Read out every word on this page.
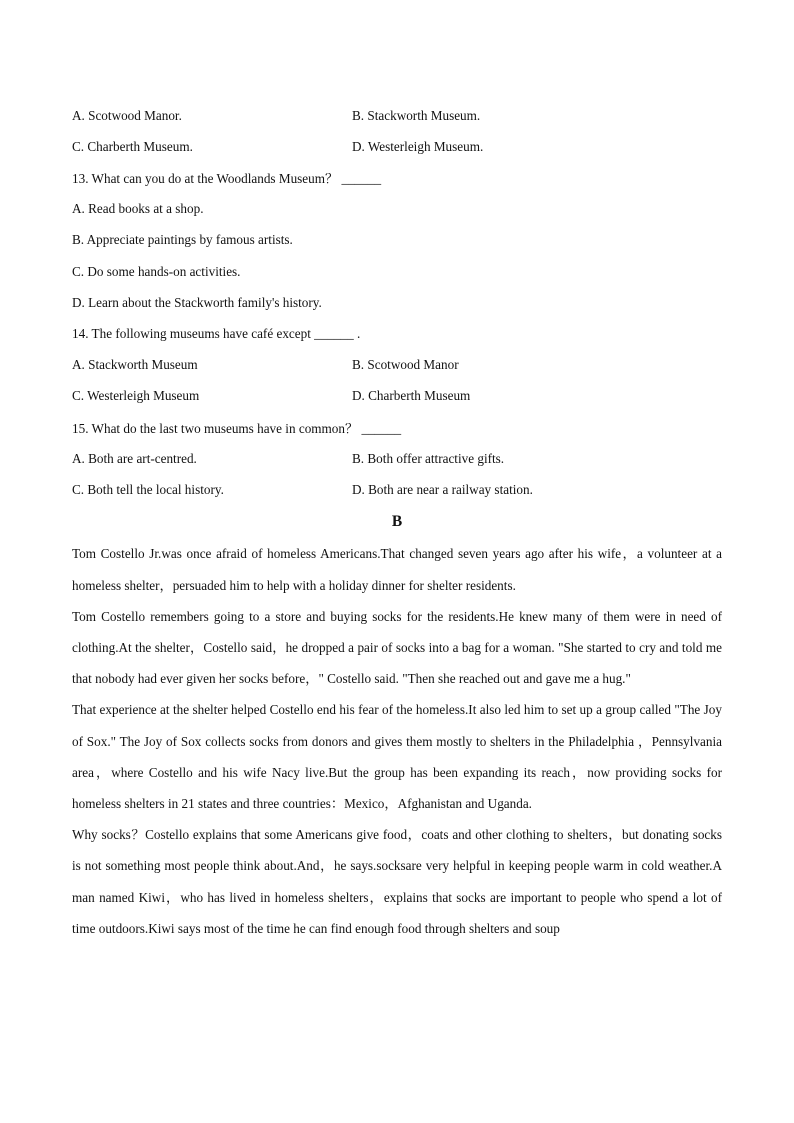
A. Scotwood Manor.	B. Stackworth Museum.
C. Charberth Museum.	D. Westerleigh Museum.
13. What can you do at the Woodlands Museum？ ______
A. Read books at a shop.
B. Appreciate paintings by famous artists.
C. Do some hands-on activities.
D. Learn about the Stackworth family's history.
14. The following museums have café except ______ .
A. Stackworth Museum	B. Scotwood Manor
C. Westerleigh Museum	D. Charberth Museum
15. What do the last two museums have in common？ ______
A. Both are art-centred.	B. Both offer attractive gifts.
C. Both tell the local history.	D. Both are near a railway station.
B

Tom Costello Jr.was once afraid of homeless Americans.That changed seven years ago after his wife，a volunteer at a homeless shelter，persuaded him to help with a holiday dinner for shelter residents.

Tom Costello remembers going to a store and buying socks for the residents.He knew many of them were in need of clothing.At the shelter，Costello said，he dropped a pair of socks into a bag for a woman. "She started to cry and told me that nobody had ever given her socks before，" Costello said. "Then she reached out and gave me a hug."

That experience at the shelter helped Costello end his fear of the homeless.It also led him to set up a group called "The Joy of Sox." The Joy of Sox collects socks from donors and gives them mostly to shelters in the Philadelphia ，Pennsylvania area，where Costello and his wife Nacy live.But the group has been expanding its reach，now providing socks for homeless shelters in 21 states and three countries：Mexico，Afghanistan and Uganda.

Why socks？Costello explains that some Americans give food，coats and other clothing to shelters，but donating socks is not something most people think about.And，he says.socksare very helpful in keeping people warm in cold weather.A man named Kiwi，who has lived in homeless shelters，explains that socks are important to people who spend a lot of time outdoors.Kiwi says most of the time he can find enough food through shelters and soup
